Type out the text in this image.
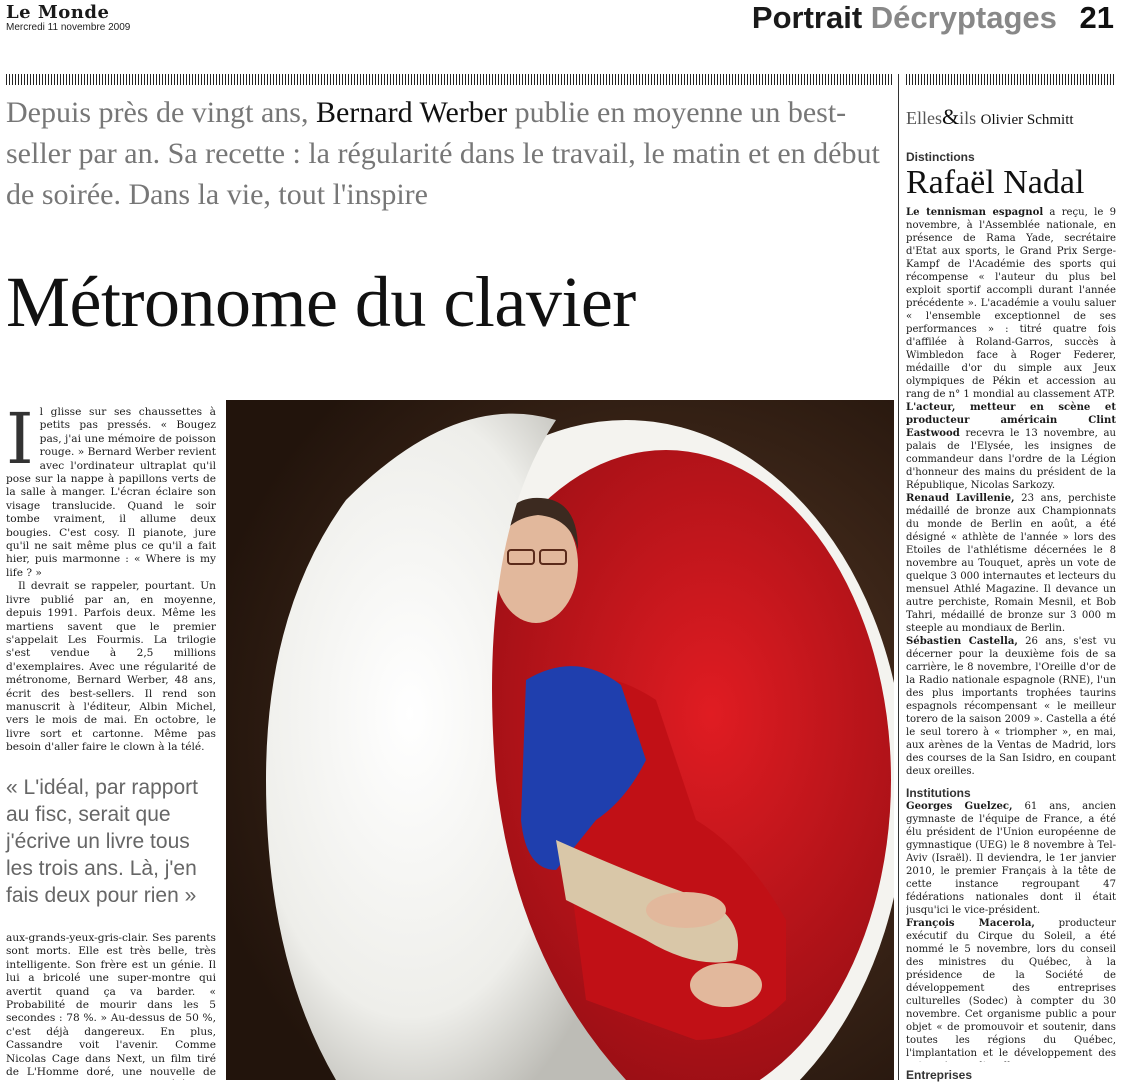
Le Monde
Mercredi 11 novembre 2009	Portrait Décryptages 21
Depuis près de vingt ans, Bernard Werber publie en moyenne un best-seller par an. Sa recette : la régularité dans le travail, le matin et en début de soirée. Dans la vie, tout l'inspire
Métronome du clavier

Il glisse sur ses chaussettes à petits pas pressés. « Bougez pas, j'ai une mémoire de poisson rouge. » Bernard Werber revient avec l'ordinateur ultraplat qu'il pose sur la nappe à papillons verts de la salle à manger. L'écran éclaire son visage translucide. Quand le soir tombe vraiment, il allume deux bougies. C'est cosy. Il pianote, jure qu'il ne sait même plus ce qu'il a fait hier, puis marmonne : « Where is my life ? »

Il devrait se rappeler, pourtant. Un livre publié par an, en moyenne, depuis 1991. Parfois deux. Même les martiens savent que le premier s'appelait Les Fourmis. La trilogie s'est vendue à 2,5 millions d'exemplaires. Avec une régularité de métronome, Bernard Werber, 48 ans, écrit des best-sellers. Il rend son manuscrit à l'éditeur, Albin Michel, vers le mois de mai. En octobre, le livre sort et cartonne. Même pas besoin d'aller faire le clown à la télé.

« L'idéal, par rapport au fisc, serait que j'écrive un livre tous les trois ans. Là, j'en fais deux pour rien »

aux-grands-yeux-gris-clair. Ses parents sont morts. Elle est très belle, très intelligente. Son frère est un génie. Il lui a bricolé une super-montre qui avertit quand ça va barder. « Probabilité de mourir dans les 5 secondes : 78 %. » Au-dessus de 50 %, c'est déjà dangereux. En plus, Cassandre voit l'avenir. Comme Nicolas Cage dans Next, un film tiré de L'Homme doré, une nouvelle de

Elles&ils Olivier Schmitt
Distinctions
Rafaël Nadal

Le tennisman espagnol a reçu, le 9 novembre, à l'Assemblée nationale, en présence de Rama Yade, secrétaire d'Etat aux sports, le Grand Prix Serge-Kampf de l'Académie des sports qui récompense « l'auteur du plus bel exploit sportif accompli durant l'année précédente ». L'académie a voulu saluer « l'ensemble exceptionnel de ses performances » : titré quatre fois d'affilée à Roland-Garros, succès à Wimbledon face à Roger Federer, médaille d'or du simple aux Jeux olympiques de Pékin et accession au rang de n° 1 mondial au classement ATP.

L'acteur, metteur en scène et producteur américain Clint Eastwood recevra le 13 novembre, au palais de l'Elysée, les insignes de commandeur dans l'ordre de la Légion d'honneur des mains du président de la République, Nicolas Sarkozy.

Renaud Lavillenie, 23 ans, perchiste médaillé de bronze aux Championnats du monde de Berlin en août, a été désigné « athlète de l'année » lors des Etoiles de l'athlétisme décernées le 8 novembre au Touquet, après un vote de quelque 3 000 internautes et lecteurs du mensuel Athlé Magazine. Il devance un autre perchiste, Romain Mesnil, et Bob Tahri, médaillé de bronze sur 3 000 m steeple au mondiaux de Berlin.

Sébastien Castella, 26 ans, s'est vu décerner pour la deuxième fois de sa carrière, le 8 novembre, l'Oreille d'or de la Radio nationale espagnole (RNE), l'un des plus importants trophées taurins espagnols récompensant « le meilleur torero de la saison 2009 ». Castella a été le seul torero à « triompher », en mai, aux arènes de la Ventas de Madrid, lors des courses de la San Isidro, en coupant deux oreilles.

Institutions

Georges Guelzec, 61 ans, ancien gymnaste de l'équipe de France, a été élu président de l'Union européenne de gymnastique (UEG) le 8 novembre à Tel-Aviv (Israël). Il deviendra, le 1er janvier 2010, le premier Français à la tête de cette instance regroupant 47 fédérations nationales dont il était jusqu'ici le vice-président.

François Macerola, producteur exécutif du Cirque du Soleil, a été nommé le 5 novembre, lors du conseil des ministres du Québec, à la présidence de la Société de développement des entreprises culturelles (Sodec) à compter du 30 novembre. Cet organisme public a pour objet « de promouvoir et soutenir, dans toutes les régions du Québec, l'implantation et le développement des

Entreprises
